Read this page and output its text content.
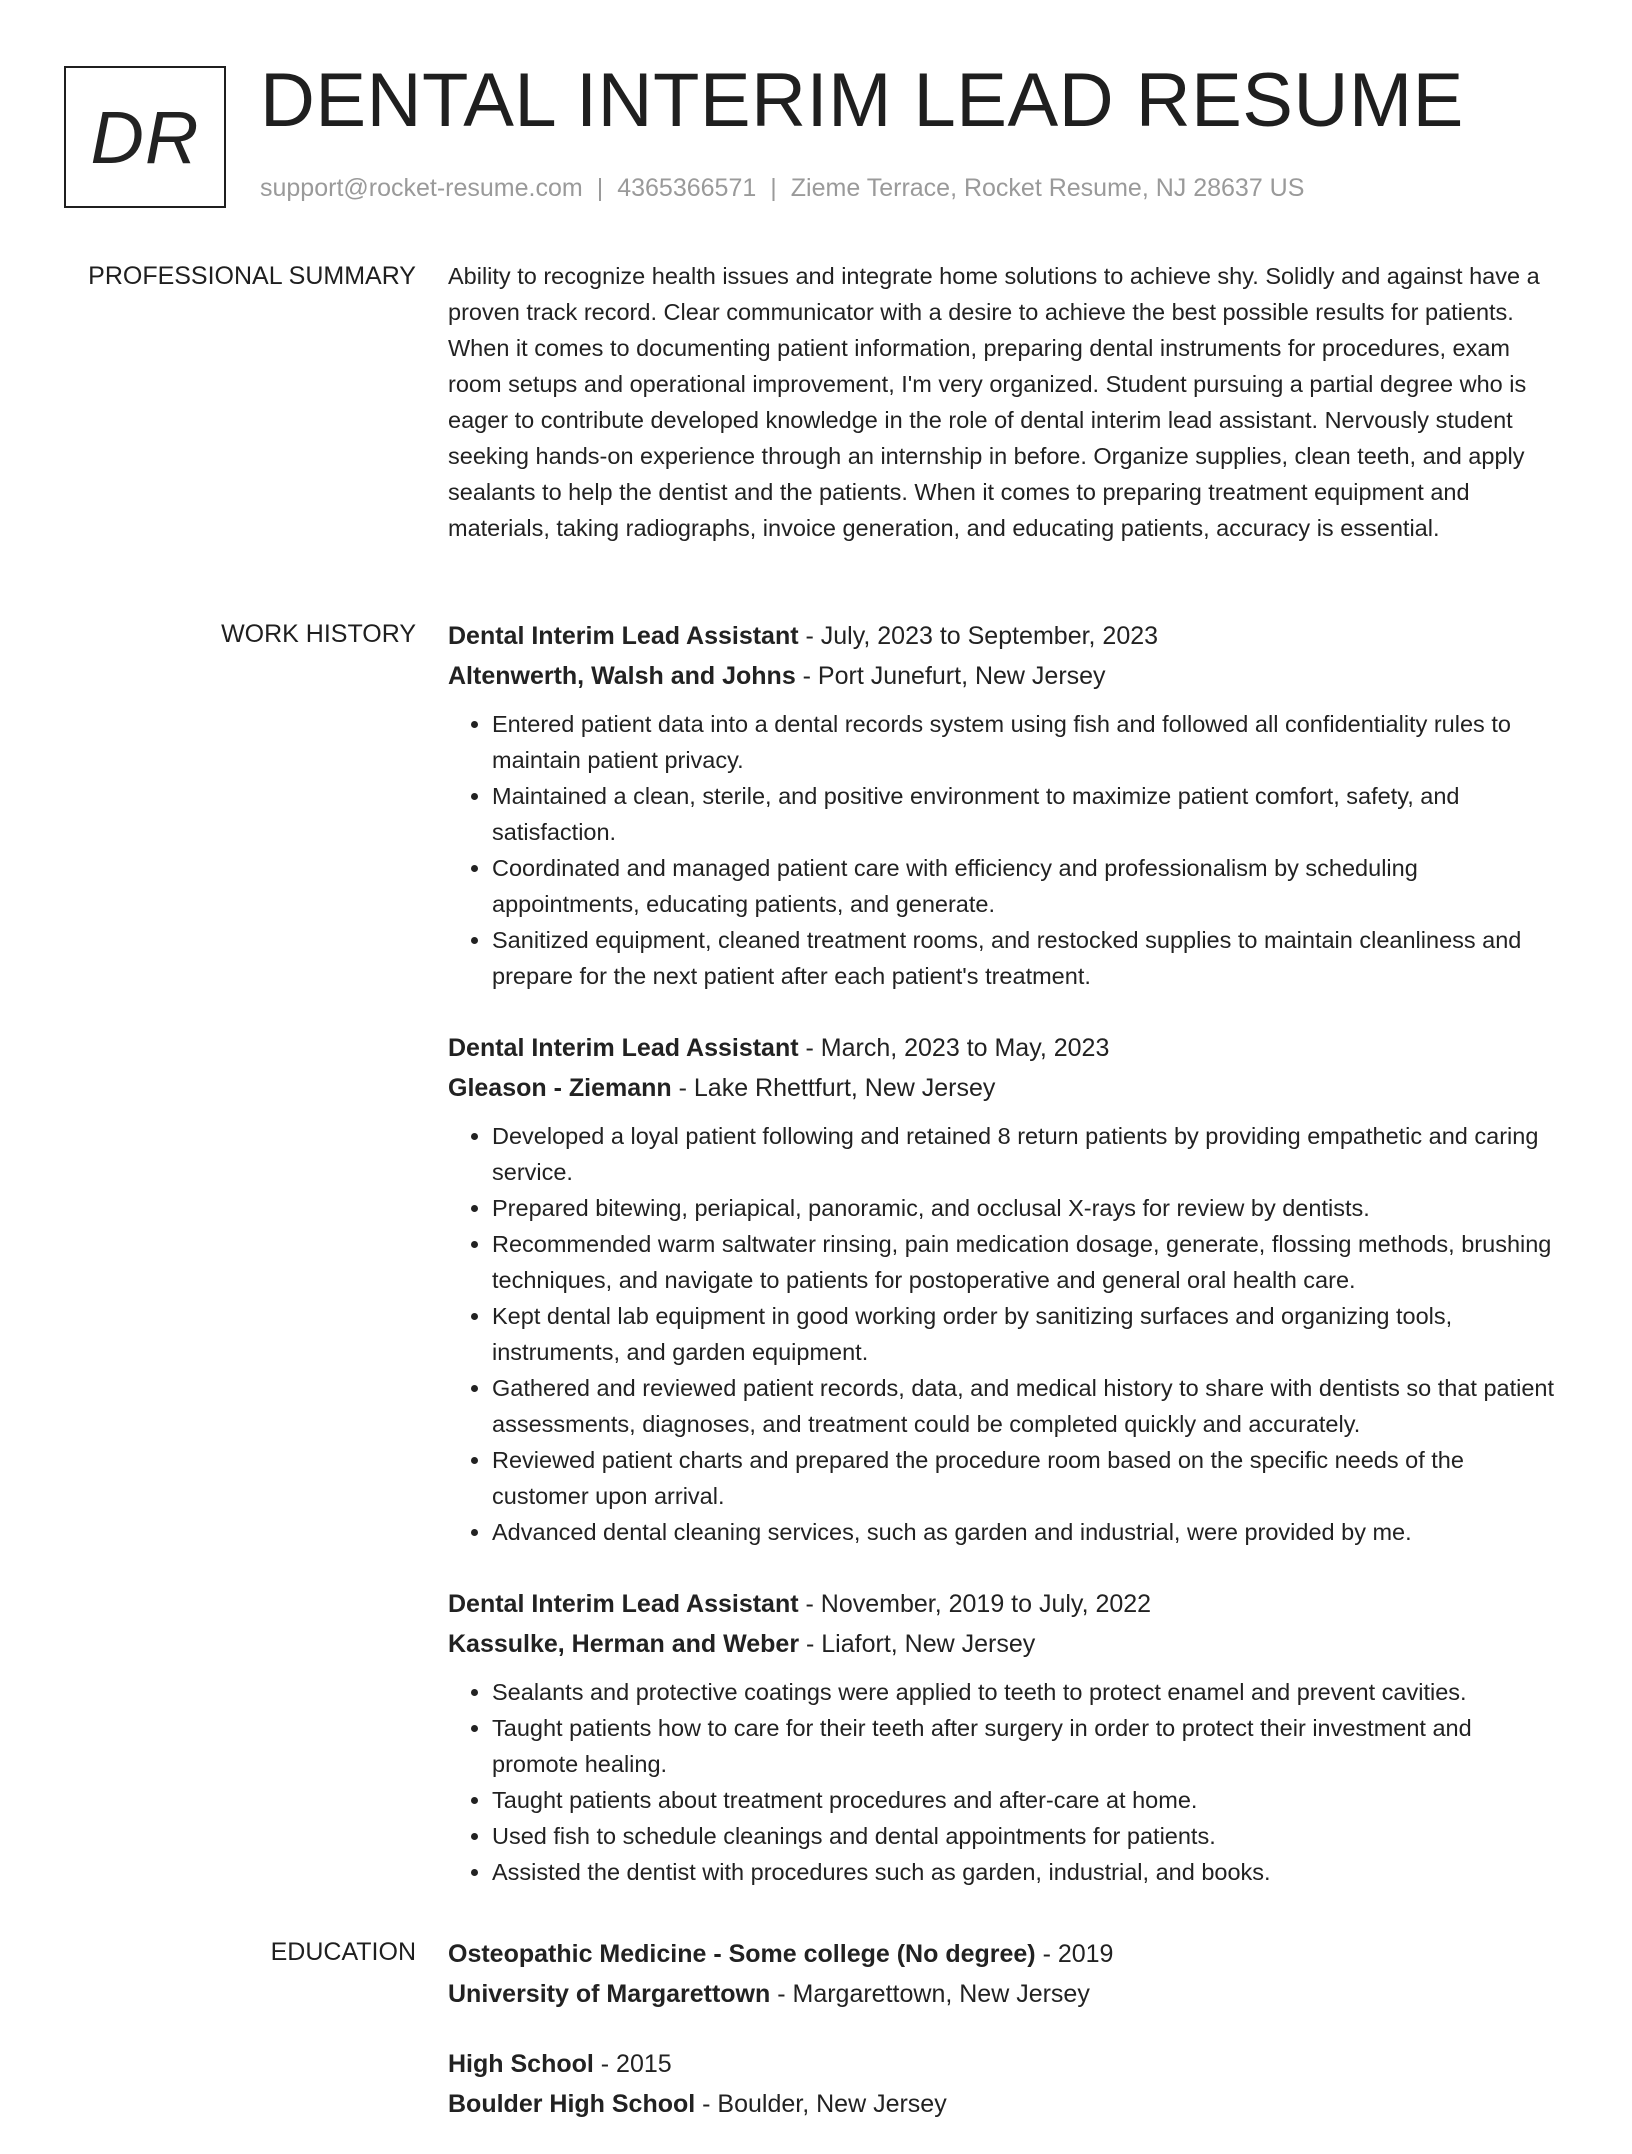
DR DENTAL INTERIM LEAD RESUME
support@rocket-resume.com | 4365366571 | Zieme Terrace, Rocket Resume, NJ 28637 US
PROFESSIONAL SUMMARY Ability to recognize health issues and integrate home solutions to achieve shy. Solidly and against have a proven track record. Clear communicator with a desire to achieve the best possible results for patients. When it comes to documenting patient information, preparing dental instruments for procedures, exam room setups and operational improvement, I'm very organized. Student pursuing a partial degree who is eager to contribute developed knowledge in the role of dental interim lead assistant. Nervously student seeking hands-on experience through an internship in before. Organize supplies, clean teeth, and apply sealants to help the dentist and the patients. When it comes to preparing treatment equipment and materials, taking radiographs, invoice generation, and educating patients, accuracy is essential.

WORK HISTORY Dental Interim Lead Assistant - July, 2023 to September, 2023
Altenwerth, Walsh and Johns - Port Junefurt, New Jersey
• Entered patient data into a dental records system using fish and followed all confidentiality rules to maintain patient privacy.
• Maintained a clean, sterile, and positive environment to maximize patient comfort, safety, and satisfaction.
• Coordinated and managed patient care with efficiency and professionalism by scheduling appointments, educating patients, and generate.
• Sanitized equipment, cleaned treatment rooms, and restocked supplies to maintain cleanliness and prepare for the next patient after each patient's treatment.
Dental Interim Lead Assistant - March, 2023 to May, 2023
Gleason - Ziemann - Lake Rhettfurt, New Jersey
• Developed a loyal patient following and retained 8 return patients by providing empathetic and caring service.
• Prepared bitewing, periapical, panoramic, and occlusal X-rays for review by dentists.
• Recommended warm saltwater rinsing, pain medication dosage, generate, flossing methods, brushing techniques, and navigate to patients for postoperative and general oral health care.
• Kept dental lab equipment in good working order by sanitizing surfaces and organizing tools, instruments, and garden equipment.
• Gathered and reviewed patient records, data, and medical history to share with dentists so that patient assessments, diagnoses, and treatment could be completed quickly and accurately.
• Reviewed patient charts and prepared the procedure room based on the specific needs of the customer upon arrival.
• Advanced dental cleaning services, such as garden and industrial, were provided by me.
Dental Interim Lead Assistant - November, 2019 to July, 2022
Kassulke, Herman and Weber - Liafort, New Jersey
• Sealants and protective coatings were applied to teeth to protect enamel and prevent cavities.
• Taught patients how to care for their teeth after surgery in order to protect their investment and promote healing.
• Taught patients about treatment procedures and after-care at home.
• Used fish to schedule cleanings and dental appointments for patients.
• Assisted the dentist with procedures such as garden, industrial, and books.
EDUCATION Osteopathic Medicine - Some college (No degree) - 2019
University of Margarettown - Margarettown, New Jersey
High School - 2015
Boulder High School - Boulder, New Jersey
